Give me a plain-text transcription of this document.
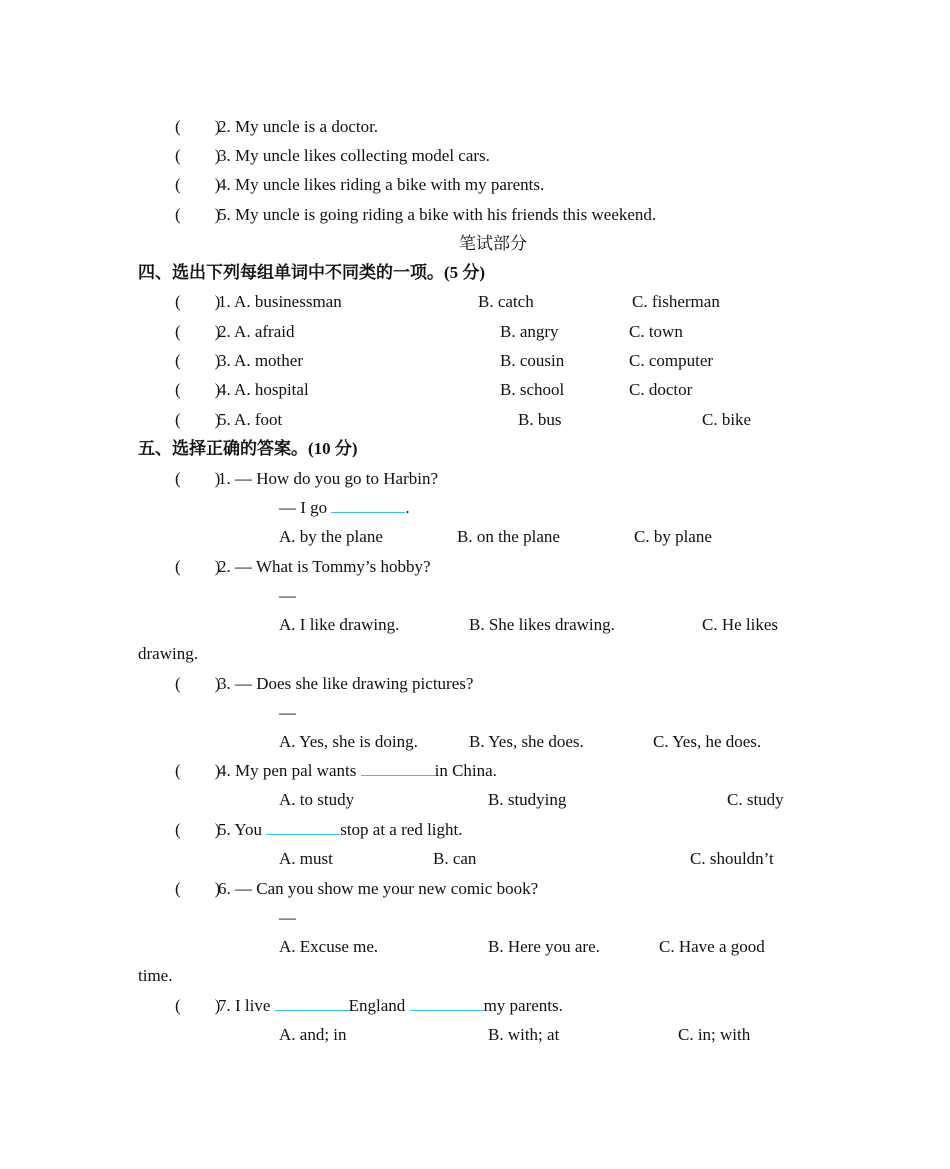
(        )
2. My uncle is a doctor.
(        )
3. My uncle likes collecting model cars.
(        )
4. My uncle likes riding a bike with my parents.
(        )
5. My uncle is going riding a bike with his friends this weekend.
笔试部分
四、选出下列每组单词中不同类的一项。(5 分)
(        )
1. A. businessman	B. catch	C. fisherman
(        )
2. A. afraid	B. angry	C. town
(        )
3. A. mother	B. cousin	C. computer
(        )
4. A. hospital	B. school	C. doctor
(        )
5. A. foot	B. bus	C. bike
五、选择正确的答案。(10 分)
(        )
1. — How do you go to Harbin?
— I go	.
A. by the plane	B. on the plane	C. by plane
(        )
2. — What is Tommy’s hobby?
—
A. I like drawing.	B. She likes drawing.	C. He likes
drawing.
(        )
3. — Does she like drawing pictures?
—
A. Yes, she is doing.	B. Yes, she does.	C. Yes, he does.
(        )
4. My pen pal wants	in China.
A. to study	B. studying	C. study
(        )
5. You	stop at a red light.
A. must	B. can	C. shouldn’t
(        )
6. — Can you show me your new comic book?
—
A. Excuse me.	B. Here you are.	C. Have a good
time.
(        )
7. I live	England	my parents.
A. and; in	B. with; at	C. in; with
